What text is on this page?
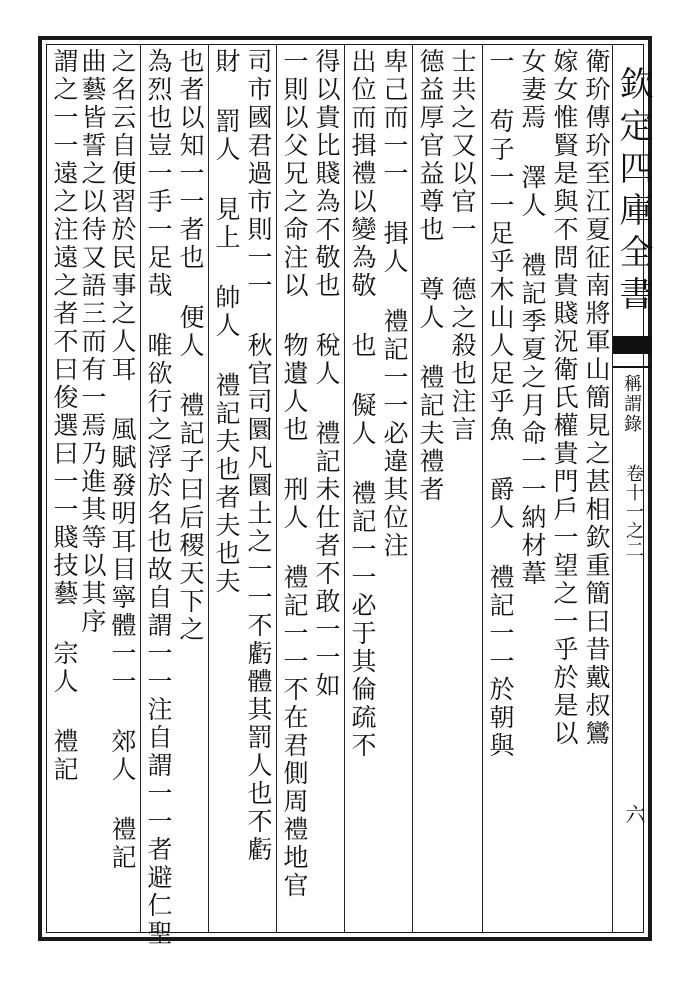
欽定四庫全書
稱謂錄
卷十一之二
六
衛玠傳玠至江夏征南將軍山簡見之甚相欽重簡曰昔戴叔鸞
嫁女惟賢是與不問貴賤況衛氏權貴門戶一望之一乎於是以
女妻焉 澤人 禮記季夏之月命一一納材葦
一 苟子一一足乎木山人足乎魚 爵人 禮記一一於朝與
士共之又以官一 德之殺也注言
德益厚官益尊也 尊人 禮記夫禮者
卑己而一一 揖人 禮記一一必違其位注
出位而揖禮以變為敬 也 儗人 禮記一一必于其倫疏不
得以貴比賤為不敬也 稅人 禮記未仕者不敢一一如
一則以父兄之命注以 物遺人也 刑人 禮記一一不在君側周禮地官
司市國君過市則一一 秋官司圜凡圜土之一一不虧體其罰人也不虧
財 罰人 見上 帥人 禮記夫也者夫也夫
也者以知一一者也 便人 禮記子曰后稷天下之
為烈也豈一手一足哉 唯欲行之浮於名也故自謂一一注自謂一一者避仁聖
之名云自便習於民事之人耳 風賦發明耳目寧體一一 郊人 禮記
曲藝皆誓之以待又語三而有一焉乃進其等以其序
謂之一一遠之注遠之者不曰俊選曰一一賤技藝 宗人 禮記
